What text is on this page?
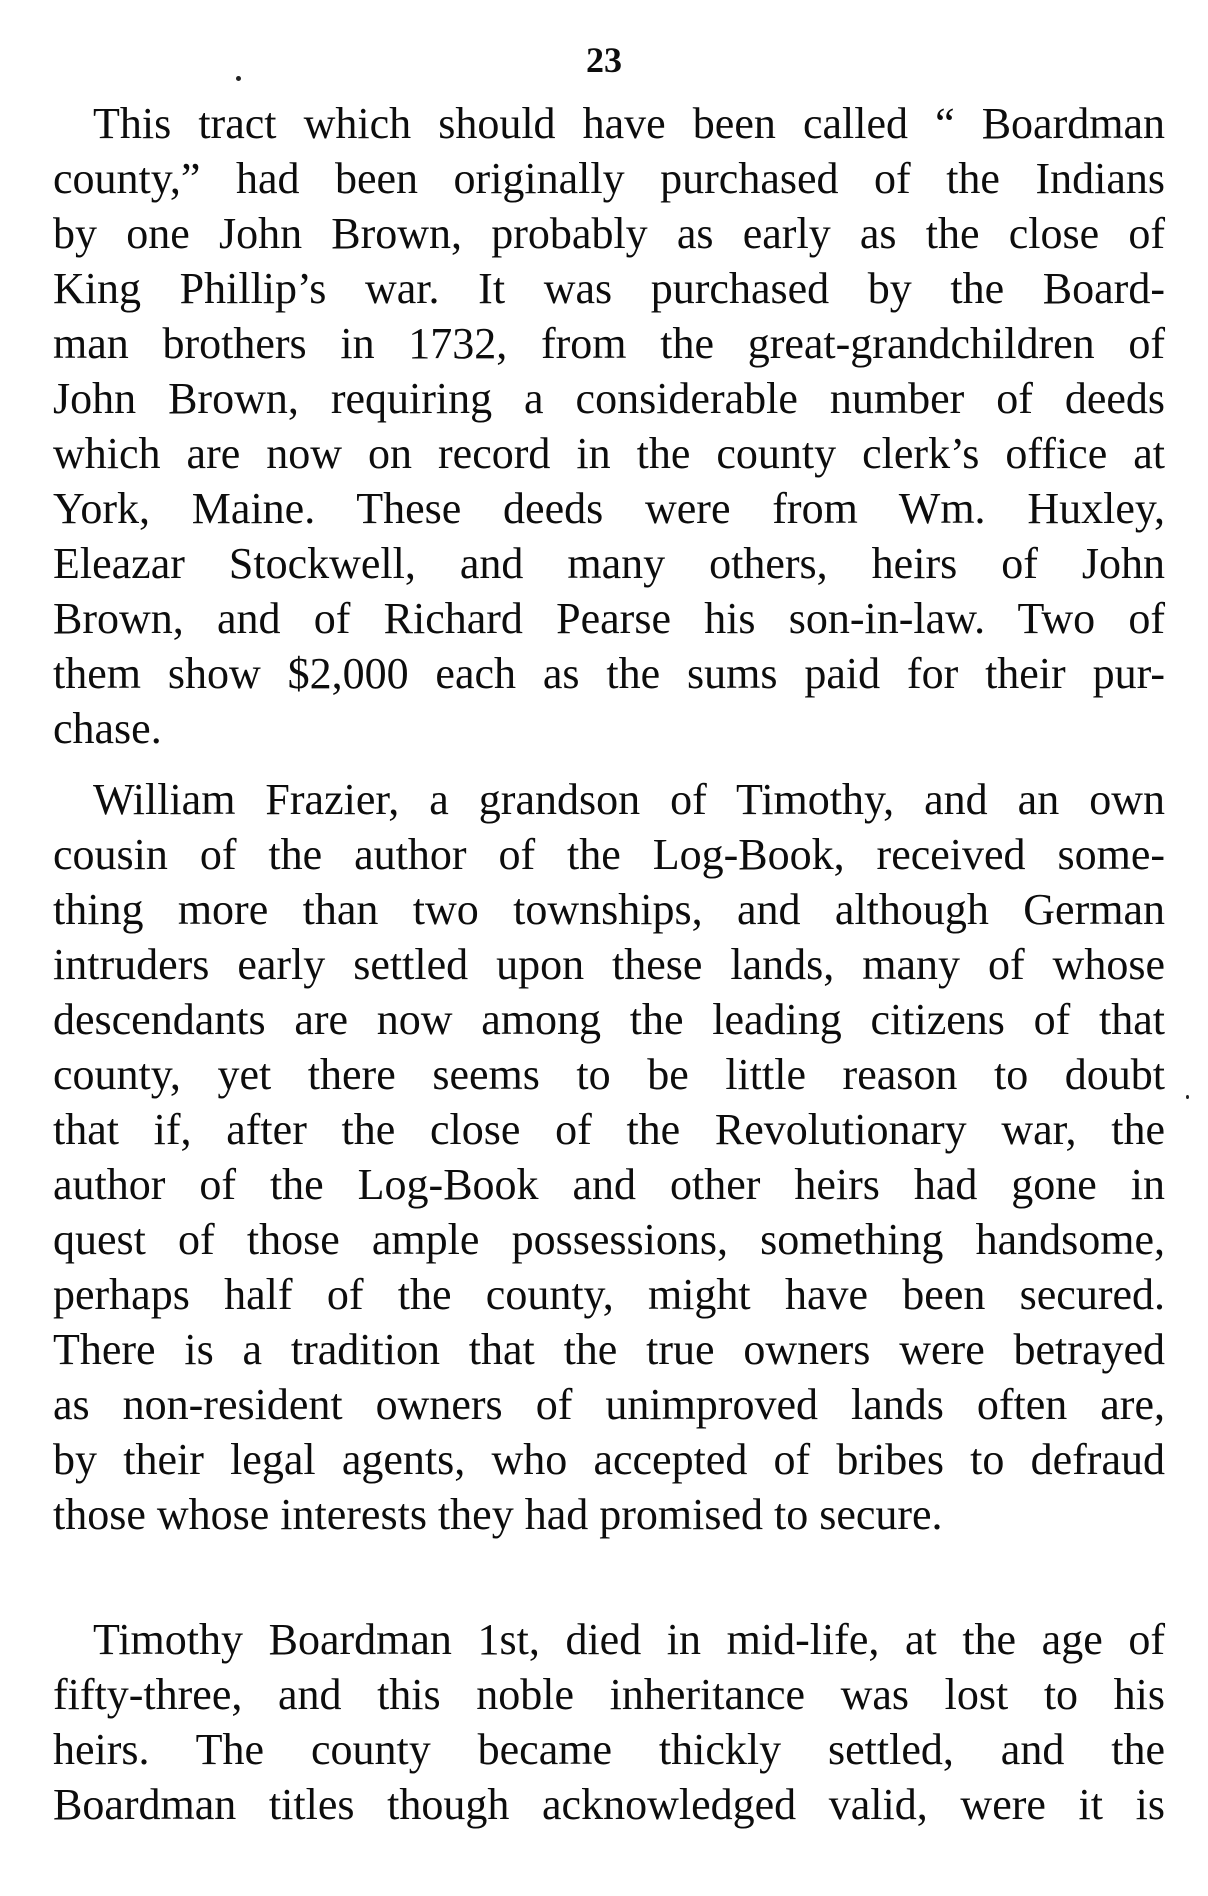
23

This tract which should have been called “ Boardman
county,” had been originally purchased of the Indians
by one John Brown, probably as early as the close of
King Phillip’s war. It was purchased by the Board-
man brothers in 1732, from the great-grandchildren of
John Brown, requiring a considerable number of deeds
which are now on record in the county clerk’s office at
York, Maine. These deeds were from Wm. Huxley,
Eleazar Stockwell, and many others, heirs of John
Brown, and of Richard Pearse his son-in-law. Two of
them show $2,000 each as the sums paid for their pur-
chase.
William Frazier, a grandson of Timothy, and an own
cousin of the author of the Log-Book, received some-
thing more than two townships, and although German
intruders early settled upon these lands, many of whose
descendants are now among the leading citizens of that
county, yet there seems to be little reason to doubt
that if, after the close of the Revolutionary war, the
author of the Log-Book and other heirs had gone in
quest of those ample possessions, something handsome,
perhaps half of the county, might have been secured.
There is a tradition that the true owners were betrayed
as non-resident owners of unimproved lands often are,
by their legal agents, who accepted of bribes to defraud
those whose interests they had promised to secure.
Timothy Boardman 1st, died in mid-life, at the age of
fifty-three, and this noble inheritance was lost to his
heirs. The county became thickly settled, and the
Boardman titles though acknowledged valid, were it is
